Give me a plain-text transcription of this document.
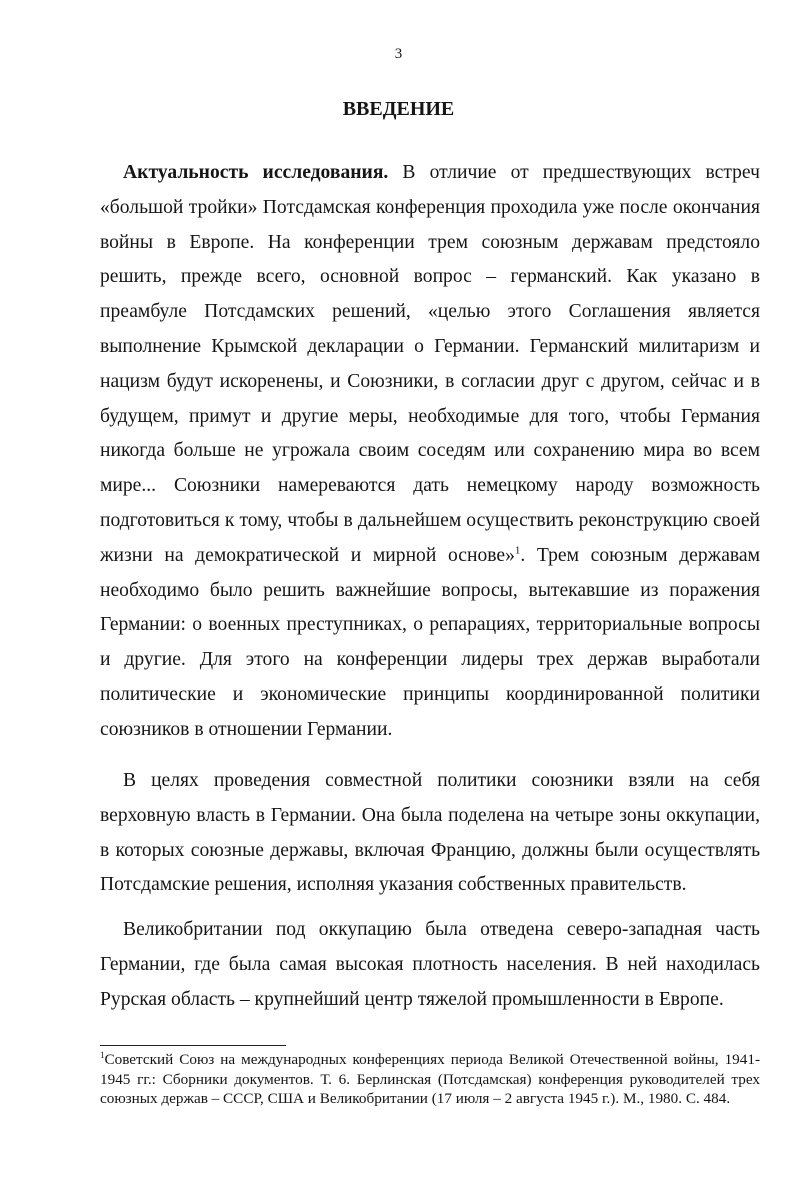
3
ВВЕДЕНИЕ

Актуальность исследования. В отличие от предшествующих встреч «большой тройки» Потсдамская конференция проходила уже после окончания войны в Европе. На конференции трем союзным державам предстояло решить, прежде всего, основной вопрос – германский. Как указано в преамбуле Потсдамских решений, «целью этого Соглашения является выполнение Крымской декларации о Германии. Германский милитаризм и нацизм будут искоренены, и Союзники, в согласии друг с другом, сейчас и в будущем, примут и другие меры, необходимые для того, чтобы Германия никогда больше не угрожала своим соседям или сохранению мира во всем мире... Союзники намереваются дать немецкому народу возможность подготовиться к тому, чтобы в дальнейшем осуществить реконструкцию своей жизни на демократической и мирной основе»$^1$. Трем союзным державам необходимо было решить важнейшие вопросы, вытекавшие из поражения Германии: о военных преступниках, о репарациях, территориальные вопросы и другие. Для этого на конференции лидеры трех держав выработали политические и экономические принципы координированной политики союзников в отношении Германии.

В целях проведения совместной политики союзники взяли на себя верховную власть в Германии. Она была поделена на четыре зоны оккупации, в которых союзные державы, включая Францию, должны были осуществлять Потсдамские решения, исполняя указания собственных правительств.

Великобритании под оккупацию была отведена северо-западная часть Германии, где была самая высокая плотность населения. В ней находилась Рурская область – крупнейший центр тяжелой промышленности в Европе.

$^1$Советский Союз на международных конференциях периода Великой Отечественной войны, 1941-1945 гг.: Сборники документов. Т. 6. Берлинская (Потсдамская) конференция руководителей трех союзных держав – СССР, США и Великобритании (17 июля – 2 августа 1945 г.). М., 1980. С. 484.
